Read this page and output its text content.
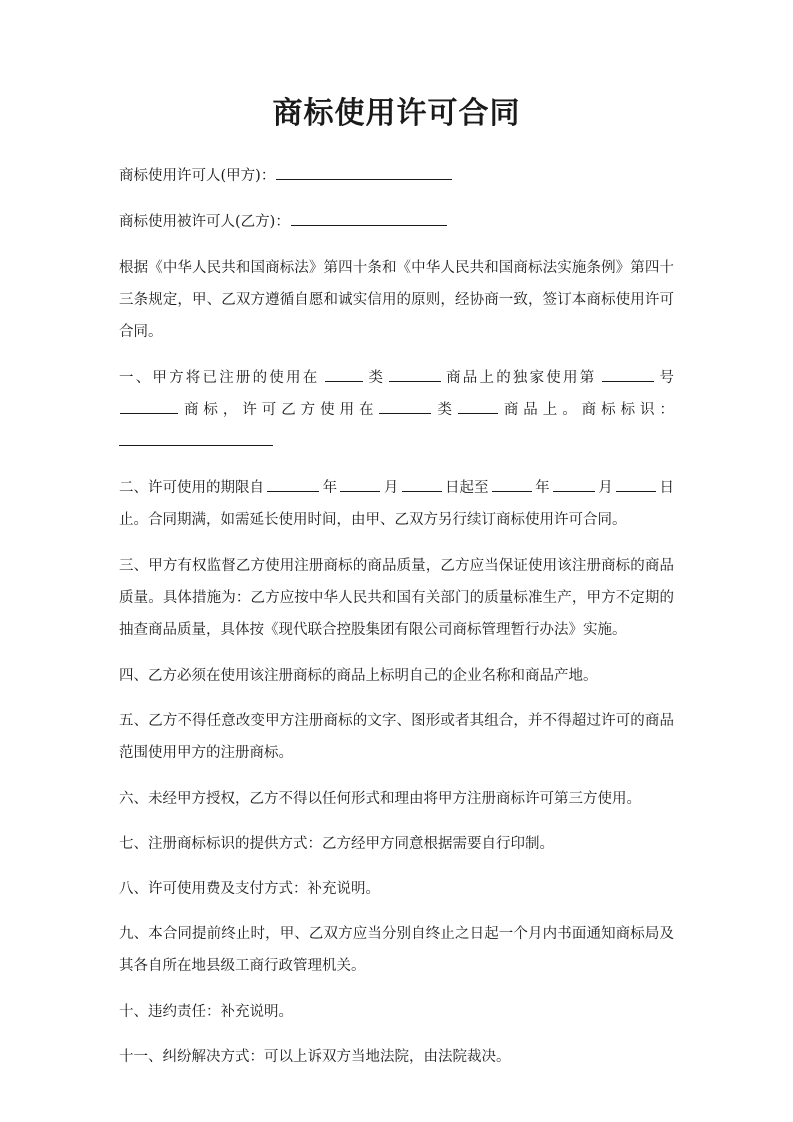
商标使用许可合同
商标使用许可人(甲方)：
商标使用被许可人(乙方)：
根据《中华人民共和国商标法》第四十条和《中华人民共和国商标法实施条例》第四十三条规定，甲、乙双方遵循自愿和诚实信用的原则，经协商一致，签订本商标使用许可合同。
一、甲方将已注册的使用在	类	商品上的独家使用第	号
商 标 ， 许 可 乙 方 使 用 在	类	商 品 上 。 商 标 标 识 ：
二、许可使用的期限自	年	月	日起至	年	月	日
止。合同期满，如需延长使用时间，由甲、乙双方另行续订商标使用许可合同。
三、甲方有权监督乙方使用注册商标的商品质量，乙方应当保证使用该注册商标的商品质量。具体措施为：乙方应按中华人民共和国有关部门的质量标准生产，甲方不定期的抽查商品质量，具体按《现代联合控股集团有限公司商标管理暂行办法》实施。
四、乙方必须在使用该注册商标的商品上标明自己的企业名称和商品产地。
五、乙方不得任意改变甲方注册商标的文字、图形或者其组合，并不得超过许可的商品范围使用甲方的注册商标。
六、未经甲方授权，乙方不得以任何形式和理由将甲方注册商标许可第三方使用。
七、注册商标标识的提供方式：乙方经甲方同意根据需要自行印制。
八、许可使用费及支付方式：补充说明。
九、本合同提前终止时，甲、乙双方应当分别自终止之日起一个月内书面通知商标局及其各自所在地县级工商行政管理机关。
十、违约责任：补充说明。
十一、纠纷解决方式：可以上诉双方当地法院，由法院裁决。
